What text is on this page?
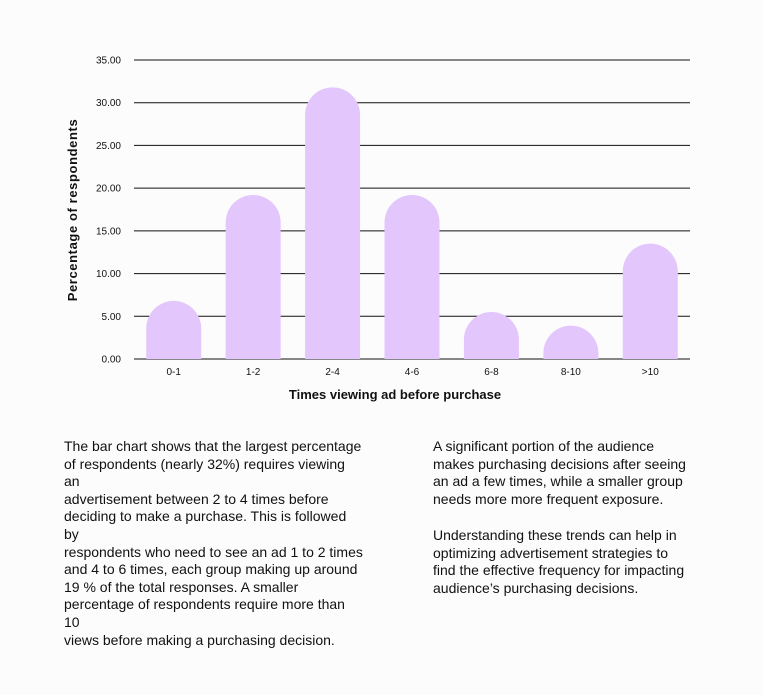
0.00
5.00
10.00
15.00
20.00
25.00
30.00
35.00
0-1	1-2	2-4	4-6	6-8	8-10	>10
Percentage of respondents
Times viewing ad before purchase

The bar chart shows that the largest percentage
of respondents (nearly 32%) requires viewing an
advertisement between 2 to 4 times before
deciding to make a purchase. This is followed by
respondents who need to see an ad 1 to 2 times
and 4 to 6 times, each group making up around
19 % of the total responses. A smaller
percentage of respondents require more than 10
views before making a purchasing decision.

A significant portion of the audience
makes purchasing decisions after seeing
an ad a few times, while a smaller group
needs more more frequent exposure.

Understanding these trends can help in
optimizing advertisement strategies to
find the effective frequency for impacting
audience’s purchasing decisions.
